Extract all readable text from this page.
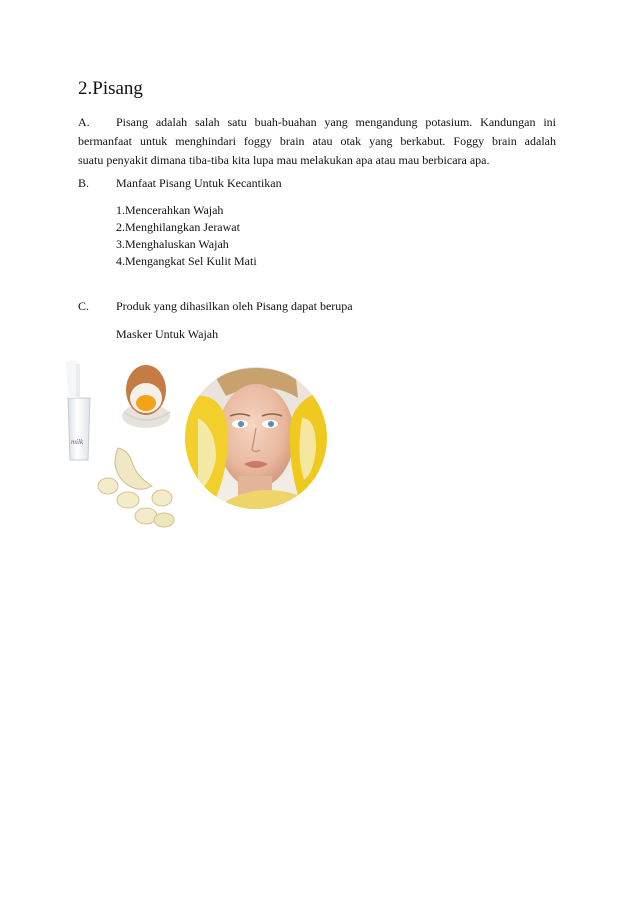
2.Pisang
A. Pisang adalah salah satu buah-buahan yang mengandung potasium. Kandungan ini
bermanfaat untuk menghindari foggy brain atau otak yang berkabut. Foggy brain adalah
suatu penyakit dimana tiba-tiba kita lupa mau melakukan apa atau mau berbicara apa.
B. Manfaat Pisang Untuk Kecantikan
1.Mencerahkan Wajah
2.Menghilangkan Jerawat
3.Menghaluskan Wajah
4.Mengangkat Sel Kulit Mati
C. Produk yang dihasilkan oleh Pisang dapat berupa
Masker Untuk Wajah
milk
